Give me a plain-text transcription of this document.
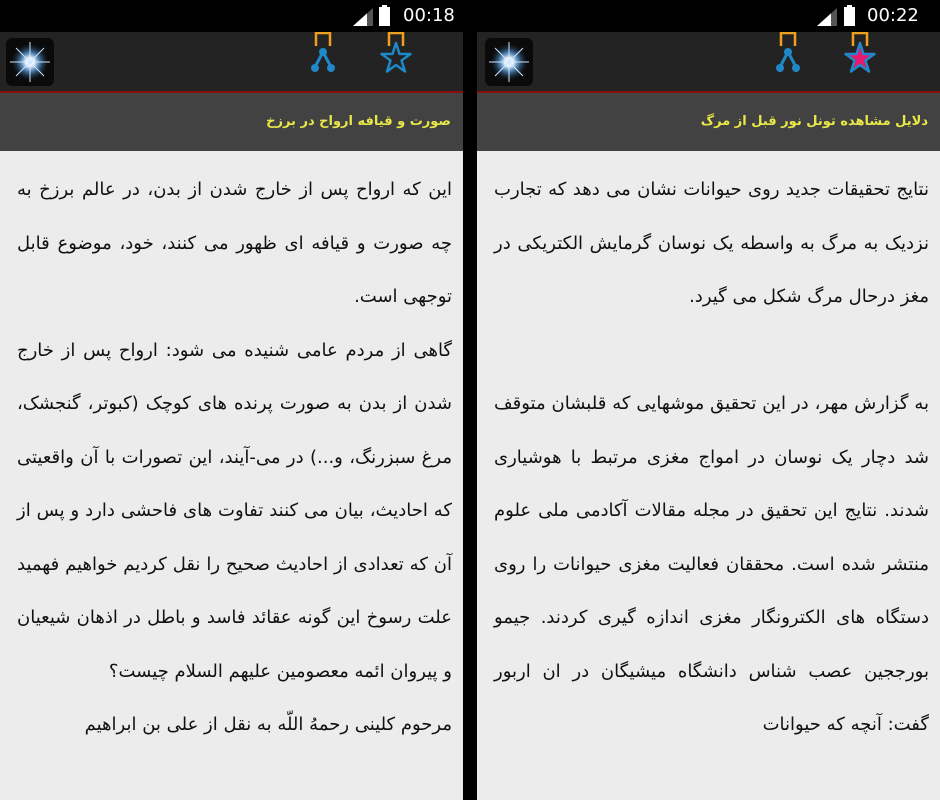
00:18
صورت و قیافه ارواح در برزخ

این که ارواح پس از خارج شدن از بدن، در عالم برزخ به چه صورت و قیافه ای ظهور می کنند، خود، موضوع قابل توجهی است.
گاهی از مردم عامی شنیده می شود: ارواح پس از خارج شدن از بدن به صورت پرنده های کوچک (کبوتر، گنجشک، مرغ سبزرنگ، و...) در می-آیند، این تصورات با آن واقعیتی که احادیث، بیان می کنند تفاوت های فاحشی دارد و پس از آن که تعدادی از احادیث صحیح را نقل کردیم خواهیم فهمید علت رسوخ این گونه عقائد فاسد و باطل در اذهان شیعیان و پیروان ائمه معصومین علیهم السلام چیست؟
مرحوم کلینی رحمهُ اللّه به نقل از علی بن ابراهیم

00:22
دلایل مشاهده تونل نور قبل از مرگ

نتایج تحقیقات جدید روی حیوانات نشان می دهد که تجارب نزدیک به مرگ به واسطه یک نوسان گرمایش الکتریکی در مغز درحال مرگ شکل می گیرد.

به گزارش مهر، در این تحقیق موشهایی که قلبشان متوقف شد دچار یک نوسان در امواج مغزی مرتبط با هوشیاری شدند. نتایج این تحقیق در مجله مقالات آکادمی ملی علوم منتشر شده است. محققان فعالیت مغزی حیوانات را روی دستگاه های الکترونگار مغزی اندازه گیری کردند. جیمو بورججین عصب شناس دانشگاه میشیگان در ان اربور گفت: آنچه که حیوانات
